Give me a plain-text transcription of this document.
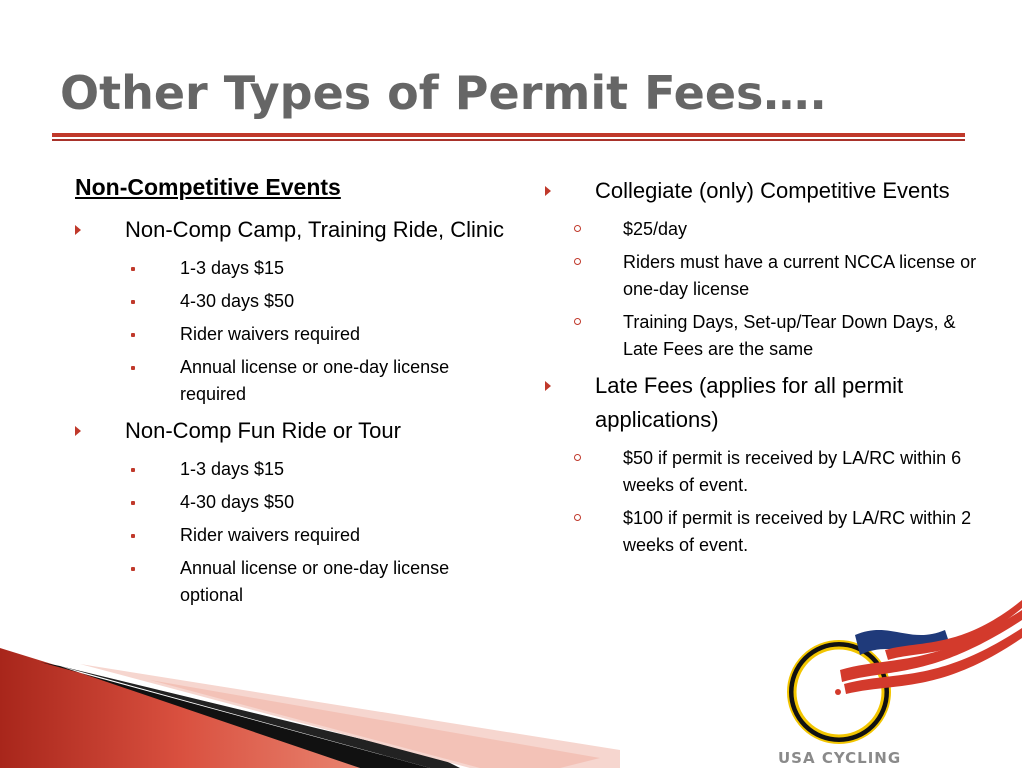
Other Types of Permit Fees….
Non-Competitive Events
Non-Comp Camp, Training Ride, Clinic
1-3 days $15
4-30 days $50
Rider waivers required
Annual license or one-day license required
Non-Comp Fun Ride or Tour
1-3 days $15
4-30 days $50
Rider waivers required
Annual license or one-day license optional
Collegiate (only) Competitive Events
$25/day
Riders must have a current NCCA license or one-day license
Training Days, Set-up/Tear Down Days, & Late Fees are the same
Late Fees (applies for all permit applications)
$50 if permit is received by LA/RC within 6 weeks of event.
$100 if permit is received by LA/RC within 2 weeks of event.
USA CYCLING
